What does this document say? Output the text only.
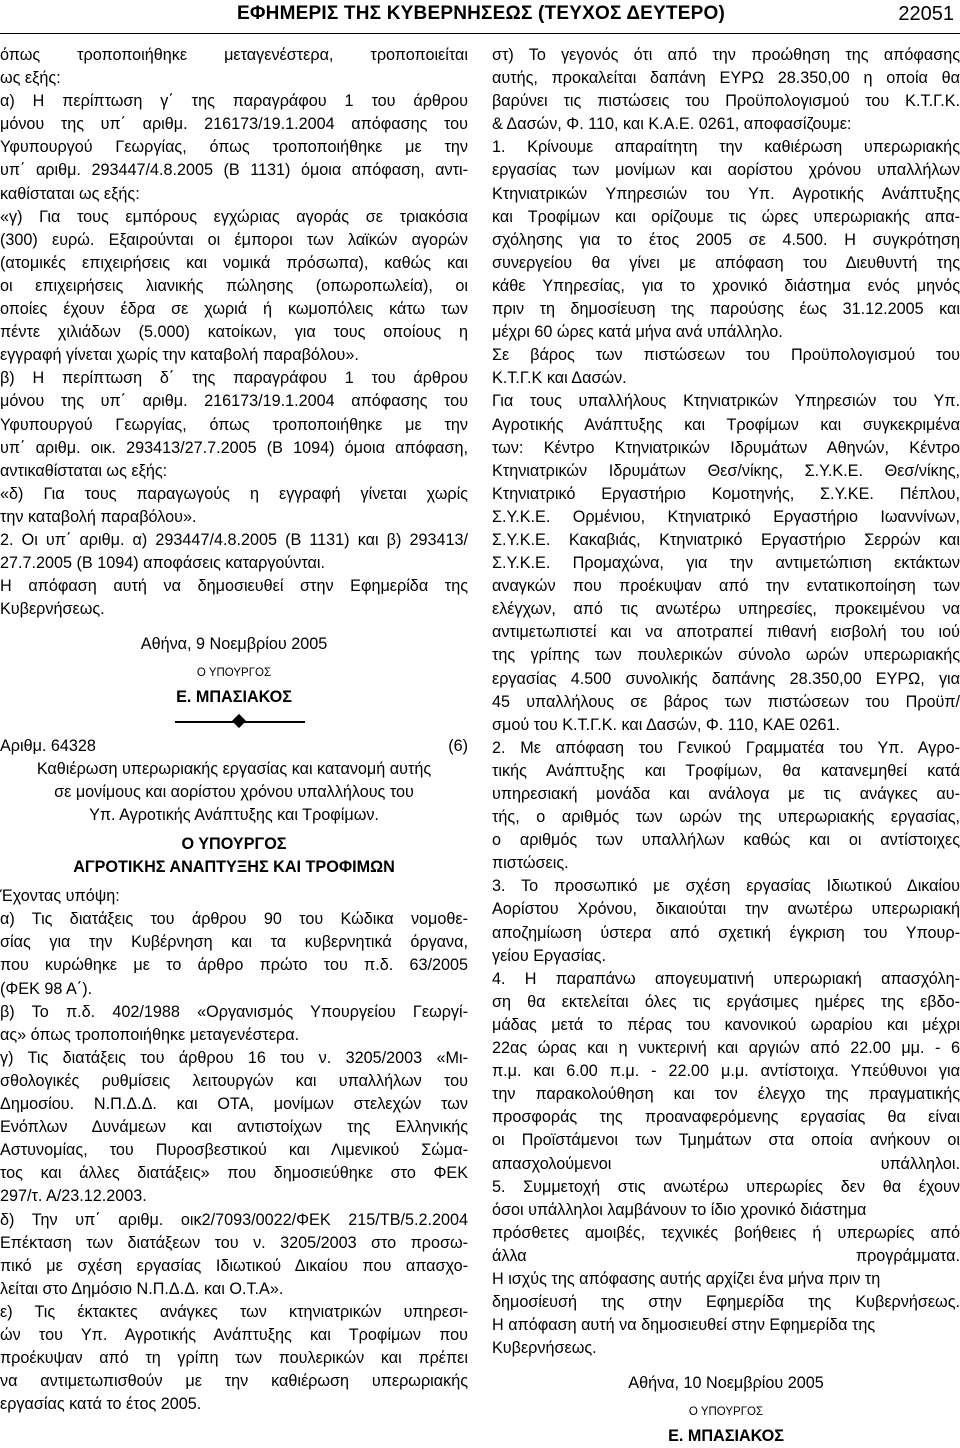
ΕΦΗΜΕΡΙΣ ΤΗΣ ΚΥΒΕΡΝΗΣΕΩΣ (ΤΕΥΧΟΣ ΔΕΥΤΕΡΟ)	22051
όπως τροποποιήθηκε μεταγενέστερα, τροποποιείται
ως εξής:
α) Η περίπτωση γ΄ της παραγράφου 1 του άρθρου
μόνου της υπ΄ αριθμ. 216173/19.1.2004 απόφασης του
Υφυπουργού Γεωργίας, όπως τροποποιήθηκε με την
υπ΄ αριθμ. 293447/4.8.2005 (Β 1131) όμοια απόφαση, αντι-
καθίσταται ως εξής:
«γ) Για τους εμπόρους εγχώριας αγοράς σε τριακόσια
(300) ευρώ. Εξαιρούνται οι έμποροι των λαϊκών αγορών
(ατομικές επιχειρήσεις και νομικά πρόσωπα), καθώς και
οι επιχειρήσεις λιανικής πώλησης (οπωροπωλεία), οι
οποίες έχουν έδρα σε χωριά ή κωμοπόλεις κάτω των
πέντε χιλιάδων (5.000) κατοίκων, για τους οποίους η
εγγραφή γίνεται χωρίς την καταβολή παραβόλου».
β) Η περίπτωση δ΄ της παραγράφου 1 του άρθρου
μόνου της υπ΄ αριθμ. 216173/19.1.2004 απόφασης του
Υφυπουργού Γεωργίας, όπως τροποποιήθηκε με την
υπ΄ αριθμ. οικ. 293413/27.7.2005 (Β 1094) όμοια απόφαση,
αντικαθίσταται ως εξής:
«δ) Για τους παραγωγούς η εγγραφή γίνεται χωρίς
την καταβολή παραβόλου».
2. Οι υπ΄ αριθμ. α) 293447/4.8.2005 (Β 1131) και β) 293413/
27.7.2005 (Β 1094) αποφάσεις καταργούνται.
Η απόφαση αυτή να δημοσιευθεί στην Εφημερίδα της
Κυβερνήσεως.
Αθήνα, 9 Νοεμβρίου 2005
Ο ΥΠΟΥΡΓΟΣ
Ε. ΜΠΑΣΙΑΚΟΣ
Αριθμ. 64328	(6)
Καθιέρωση υπερωριακής εργασίας και κατανομή αυτής
σε μονίμους και αορίστου χρόνου υπαλλήλους του
Υπ. Αγροτικής Ανάπτυξης και Τροφίμων.
Ο ΥΠΟΥΡΓΟΣ
ΑΓΡΟΤΙΚΗΣ ΑΝΑΠΤΥΞΗΣ ΚΑΙ ΤΡΟΦΙΜΩΝ
Έχοντας υπόψη:
α) Τις διατάξεις του άρθρου 90 του Κώδικα νομοθε-
σίας για την Κυβέρνηση και τα κυβερνητικά όργανα,
που κυρώθηκε με το άρθρο πρώτο του π.δ. 63/2005
(ΦΕΚ 98 Α΄).
β) Το π.δ. 402/1988 «Οργανισμός Υπουργείου Γεωργί-
ας» όπως τροποποιήθηκε μεταγενέστερα.
γ) Τις διατάξεις του άρθρου 16 του ν. 3205/2003 «Μι-
σθολογικές ρυθμίσεις λειτουργών και υπαλλήλων του
Δημοσίου. Ν.Π.Δ.Δ. και ΟΤΑ, μονίμων στελεχών των
Ενόπλων Δυνάμεων και αντιστοίχων της Ελληνικής
Αστυνομίας, του Πυροσβεστικού και Λιμενικού Σώμα-
τος και άλλες διατάξεις» που δημοσιεύθηκε στο ΦΕΚ
297/τ. Α/23.12.2003.
δ) Την υπ΄ αριθμ. οικ2/7093/0022/ΦΕΚ 215/ΤΒ/5.2.2004
Επέκταση των διατάξεων του ν. 3205/2003 στο προσω-
πικό με σχέση εργασίας Ιδιωτικού Δικαίου που απασχο-
λείται στο Δημόσιο Ν.Π.Δ.Δ. και Ο.Τ.Α».
ε) Τις έκτακτες ανάγκες των κτηνιατρικών υπηρεσι-
ών του Υπ. Αγροτικής Ανάπτυξης και Τροφίμων που
προέκυψαν από τη γρίπη των πουλερικών και πρέπει
να αντιμετωπισθούν με την καθιέρωση υπερωριακής
εργασίας κατά το έτος 2005.
στ) Το γεγονός ότι από την προώθηση της απόφασης
αυτής, προκαλείται δαπάνη ΕΥΡΩ 28.350,00 η οποία θα
βαρύνει τις πιστώσεις του Προϋπολογισμού του Κ.Τ.Γ.Κ.
& Δασών, Φ. 110, και Κ.Α.Ε. 0261, αποφασίζουμε:
1. Κρίνουμε απαραίτητη την καθιέρωση υπερωριακής
εργασίας των μονίμων και αορίστου χρόνου υπαλλήλων
Κτηνιατρικών Υπηρεσιών του Υπ. Αγροτικής Ανάπτυξης
και Τροφίμων και ορίζουμε τις ώρες υπερωριακής απα-
σχόλησης για το έτος 2005 σε 4.500. Η συγκρότηση
συνεργείου θα γίνει με απόφαση του Διευθυντή της
κάθε Υπηρεσίας, για το χρονικό διάστημα ενός μηνός
πριν τη δημοσίευση της παρούσης έως 31.12.2005 και
μέχρι 60 ώρες κατά μήνα ανά υπάλληλο.
Σε βάρος των πιστώσεων του Προϋπολογισμού του
Κ.Τ.Γ.Κ και Δασών.
Για τους υπαλλήλους Κτηνιατρικών Υπηρεσιών του Υπ.
Αγροτικής Ανάπτυξης και Τροφίμων και συγκεκριμένα
των: Κέντρο Κτηνιατρικών Ιδρυμάτων Αθηνών, Κέντρο
Κτηνιατρικών Ιδρυμάτων Θεσ/νίκης, Σ.Υ.Κ.Ε. Θεσ/νίκης,
Κτηνιατρικό Εργαστήριο Κομοτηνής, Σ.Υ.ΚΕ. Πέπλου,
Σ.Υ.Κ.Ε. Ορμένιου, Κτηνιατρικό Εργαστήριο Ιωαννίνων,
Σ.Υ.Κ.Ε. Κακαβιάς, Κτηνιατρικό Εργαστήριο Σερρών και
Σ.Υ.Κ.Ε. Προμαχώνα, για την αντιμετώπιση εκτάκτων
αναγκών που προέκυψαν από την εντατικοποίηση των
ελέγχων, από τις ανωτέρω υπηρεσίες, προκειμένου να
αντιμετωπιστεί και να αποτραπεί πιθανή εισβολή του ιού
της γρίπης των πουλερικών σύνολο ωρών υπερωριακής
εργασίας 4.500 συνολικής δαπάνης 28.350,00 ΕΥΡΩ, για
45 υπαλλήλους σε βάρος των πιστώσεων του Προϋπ/
σμού του Κ.Τ.Γ.Κ. και Δασών, Φ. 110, ΚΑΕ 0261.
2. Με απόφαση του Γενικού Γραμματέα του Υπ. Αγρο-
τικής Ανάπτυξης και Τροφίμων, θα κατανεμηθεί κατά
υπηρεσιακή μονάδα και ανάλογα με τις ανάγκες αυ-
τής, ο αριθμός των ωρών της υπερωριακής εργασίας,
ο αριθμός των υπαλλήλων καθώς και οι αντίστοιχες
πιστώσεις.
3. Το προσωπικό με σχέση εργασίας Ιδιωτικού Δικαίου
Αορίστου Χρόνου, δικαιούται την ανωτέρω υπερωριακή
αποζημίωση ύστερα από σχετική έγκριση του Υπουρ-
γείου Εργασίας.
4. Η παραπάνω απογευματινή υπερωριακή απασχόλη-
ση θα εκτελείται όλες τις εργάσιμες ημέρες της εβδο-
μάδας μετά το πέρας του κανονικού ωραρίου και μέχρι
22ας ώρας και η νυκτερινή και αργιών από 22.00 μμ. - 6
π.μ. και 6.00 π.μ. - 22.00 μ.μ. αντίστοιχα. Υπεύθυνοι για
την παρακολούθηση και τον έλεγχο της πραγματικής
προσφοράς της προαναφερόμενης εργασίας θα είναι
οι Προϊστάμενοι των Τμημάτων στα οποία ανήκουν οι
απασχολούμενοι υπάλληλοι.
5. Συμμετοχή στις ανωτέρω υπερωρίες δεν θα έχουν
όσοι υπάλληλοι λαμβάνουν το ίδιο χρονικό διάστημα
πρόσθετες αμοιβές, τεχνικές βοήθειες ή υπερωρίες από
άλλα προγράμματα.
Η ισχύς της απόφασης αυτής αρχίζει ένα μήνα πριν τη
δημοσίευσή της στην Εφημερίδα της Κυβερνήσεως.
Η απόφαση αυτή να δημοσιευθεί στην Εφημερίδα της
Κυβερνήσεως.
Αθήνα, 10 Νοεμβρίου 2005
Ο ΥΠΟΥΡΓΟΣ
Ε. ΜΠΑΣΙΑΚΟΣ
